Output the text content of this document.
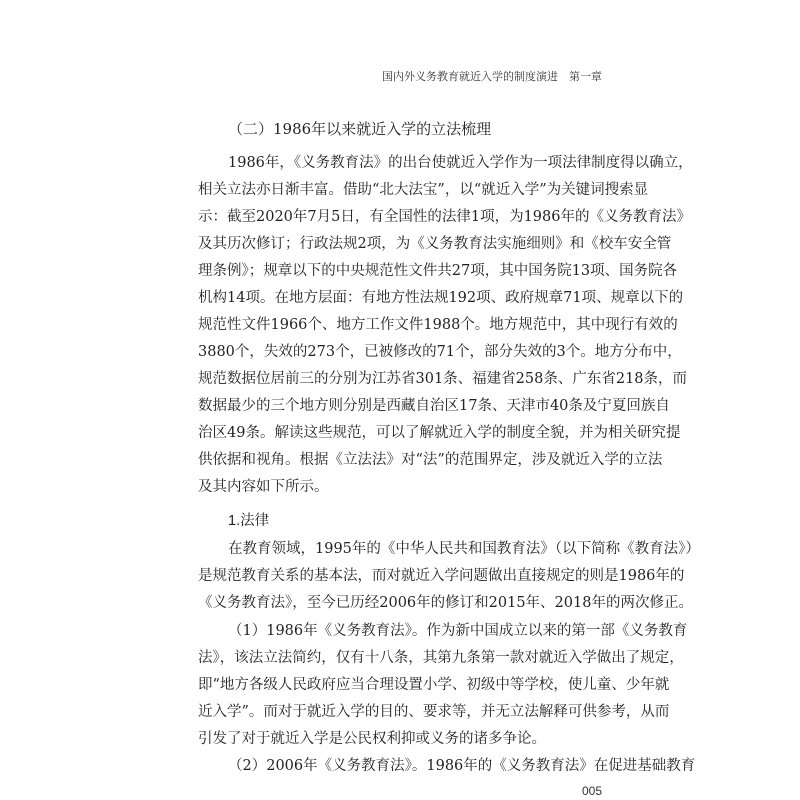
国内外义务教育就近入学的制度演进　第一章
（二）1986年以来就近入学的立法梳理
1986年，《义务教育法》的出台使就近入学作为一项法律制度得以确立，
相关立法亦日渐丰富。借助“北大法宝”，以“就近入学”为关键词搜索显
示：截至2020年7月5日，有全国性的法律1项，为1986年的《义务教育法》
及其历次修订；行政法规2项，为《义务教育法实施细则》和《校车安全管
理条例》；规章以下的中央规范性文件共27项，其中国务院13项、国务院各
机构14项。在地方层面：有地方性法规192项、政府规章71项、规章以下的
规范性文件1966个、地方工作文件1988个。地方规范中，其中现行有效的
3880个，失效的273个，已被修改的71个，部分失效的3个。地方分布中，
规范数据位居前三的分别为江苏省301条、福建省258条、广东省218条，而
数据最少的三个地方则分别是西藏自治区17条、天津市40条及宁夏回族自
治区49条。解读这些规范，可以了解就近入学的制度全貌，并为相关研究提
供依据和视角。根据《立法法》对“法”的范围界定，涉及就近入学的立法
及其内容如下所示。
1.法律
在教育领域，1995年的《中华人民共和国教育法》（以下简称《教育法》）
是规范教育关系的基本法，而对就近入学问题做出直接规定的则是1986年的
《义务教育法》，至今已历经2006年的修订和2015年、2018年的两次修正。
（1）1986年《义务教育法》。作为新中国成立以来的第一部《义务教育
法》，该法立法简约，仅有十八条，其第九条第一款对就近入学做出了规定，
即“地方各级人民政府应当合理设置小学、初级中等学校，使儿童、少年就
近入学”。而对于就近入学的目的、要求等，并无立法解释可供参考，从而
引发了对于就近入学是公民权利抑或义务的诸多争论。
（2）2006年《义务教育法》。1986年的《义务教育法》在促进基础教育
005
